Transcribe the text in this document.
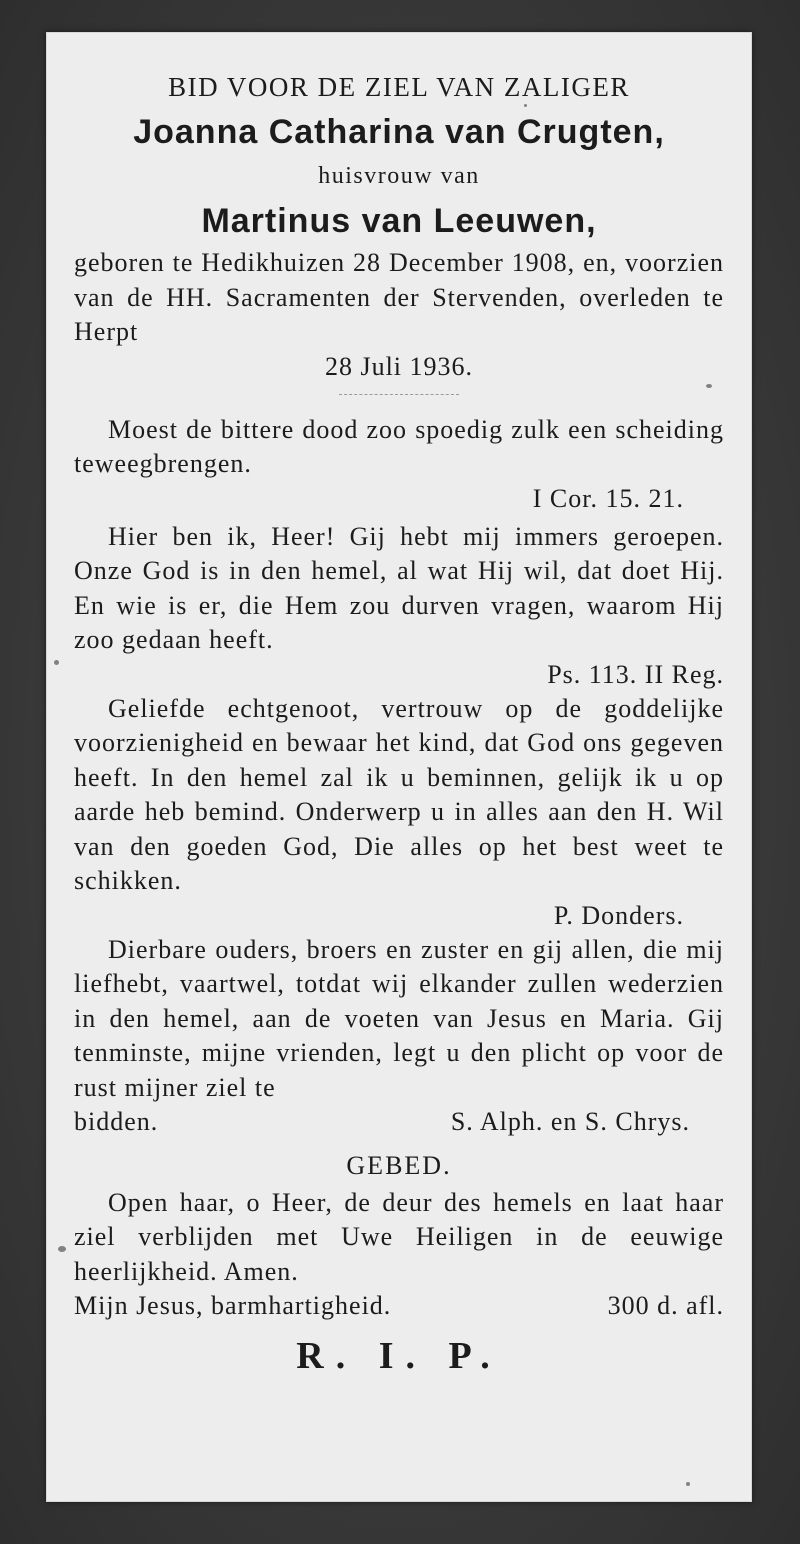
BID VOOR DE ZIEL VAN ZALIGER
Joanna Catharina van Crugten,
huisvrouw van
Martinus van Leeuwen,
geboren te Hedikhuizen 28 December 1908, en, voorzien van de HH. Sacramenten der Stervenden, overleden te Herpt
28 Juli 1936.
Moest de bittere dood zoo spoedig zulk een scheiding teweegbrengen.
I Cor. 15. 21.
Hier ben ik, Heer! Gij hebt mij immers geroepen. Onze God is in den hemel, al wat Hij wil, dat doet Hij. En wie is er, die Hem zou durven vragen, waarom Hij zoo gedaan heeft.
Ps. 113. II Reg.
Geliefde echtgenoot, vertrouw op de goddelijke voorzienigheid en bewaar het kind, dat God ons gegeven heeft. In den hemel zal ik u beminnen, gelijk ik u op aarde heb bemind. Onderwerp u in alles aan den H. Wil van den goeden God, Die alles op het best weet te schikken.
P. Donders.
Dierbare ouders, broers en zuster en gij allen, die mij liefhebt, vaartwel, totdat wij elkander zullen wederzien in den hemel, aan de voeten van Jesus en Maria. Gij tenminste, mijne vrienden, legt u den plicht op voor de rust mijner ziel te
bidden.	S. Alph. en S. Chrys.
GEBED.
Open haar, o Heer, de deur des hemels en laat haar ziel verblijden met Uwe Heiligen in de eeuwige heerlijkheid. Amen.
Mijn Jesus, barmhartigheid.	300 d. afl.
R. I. P.
